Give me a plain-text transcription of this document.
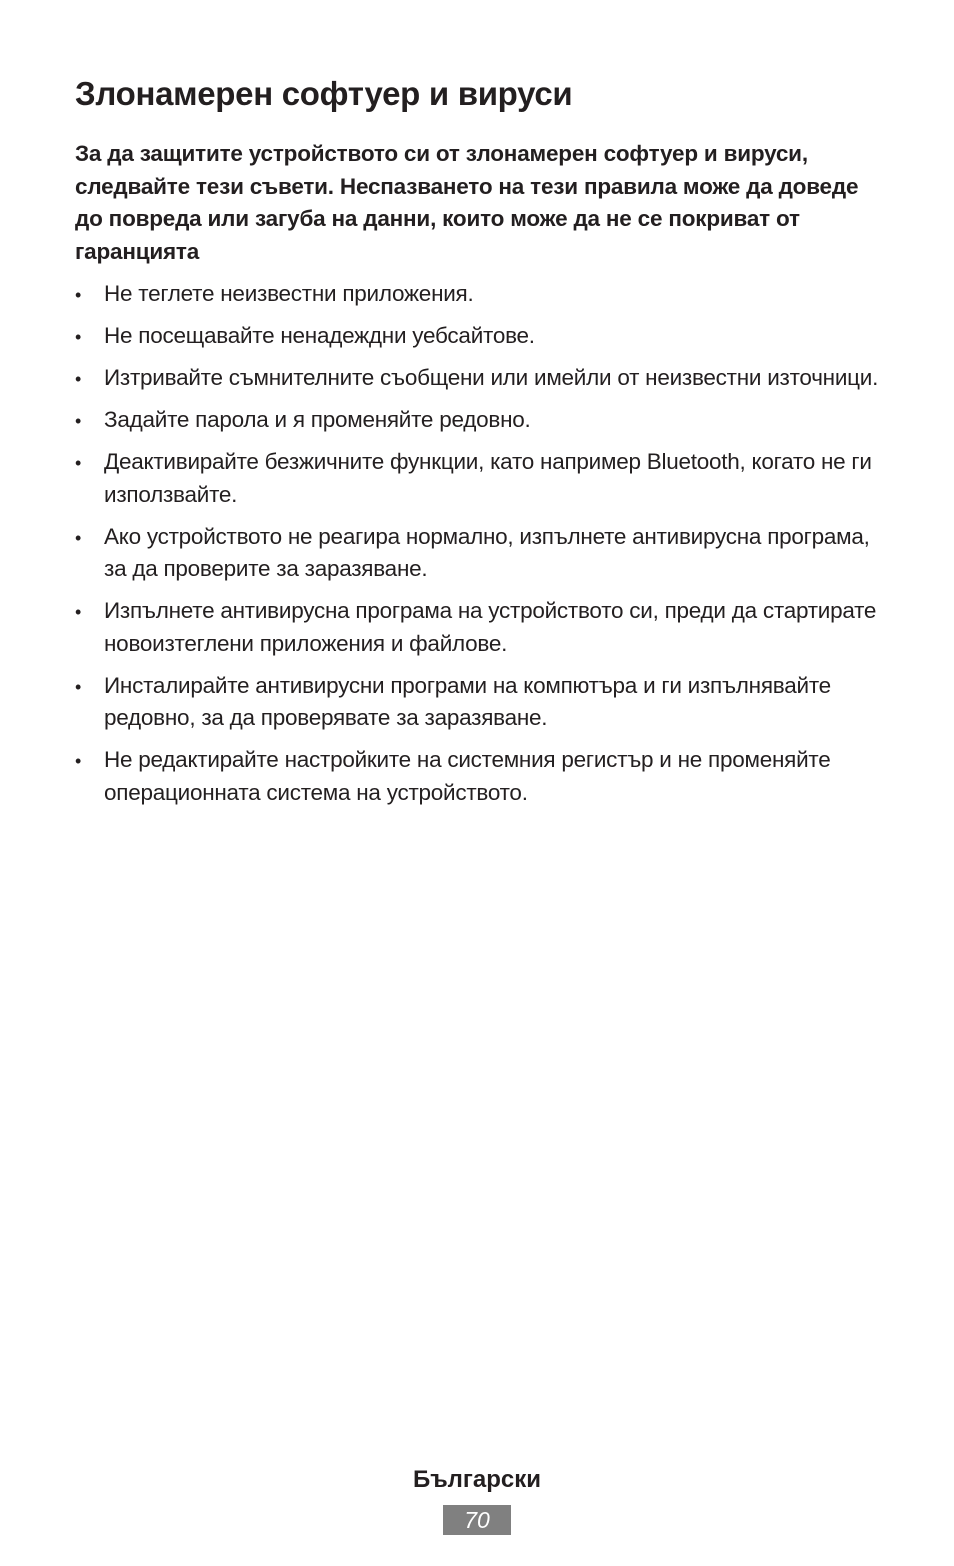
Злонамерен софтуер и вируси

За да защитите устройството си от злонамерен софтуер и вируси, следвайте тези съвети. Неспазването на тези правила може да доведе до повреда или загуба на данни, които може да не се покриват от гаранцията

• Не теглете неизвестни приложения.
• Не посещавайте ненадеждни уебсайтове.
• Изтривайте съмнителните съобщени или имейли от неизвестни източници.
• Задайте парола и я променяйте редовно.
• Деактивирайте безжичните функции, като например Bluetooth, когато не ги използвайте.
• Ако устройството не реагира нормално, изпълнете антивирусна програма, за да проверите за заразяване.
• Изпълнете антивирусна програма на устройството си, преди да стартирате новоизтеглени приложения и файлове.
• Инсталирайте антивирусни програми на компютъра и ги изпълнявайте редовно, за да проверявате за заразяване.
• Не редактирайте настройките на системния регистър и не променяйте операционната система на устройството.
Български
70
